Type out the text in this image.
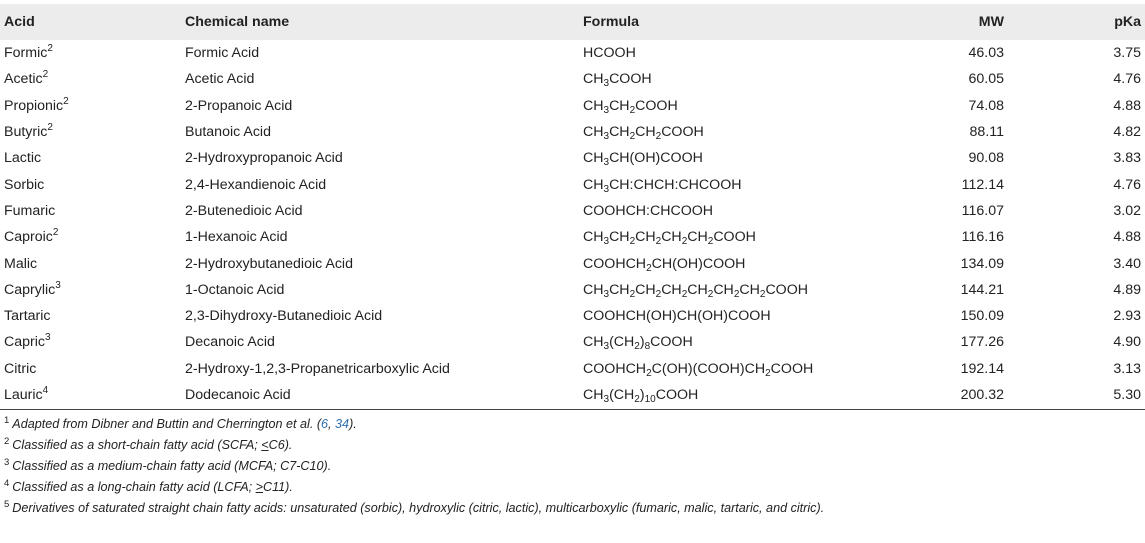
Acid	Chemical name	Formula	MW	pKa
Formic$^2$	Formic Acid	HCOOH	46.03	3.75
Acetic$^2$	Acetic Acid	$CH_3COOH$	60.05	4.76
Propionic$^2$	2-Propanoic Acid	$CH_3CH_2COOH$	74.08	4.88
Butyric$^2$	Butanoic Acid	$CH_3CH_2CH_2COOH$	88.11	4.82
Lactic	2-Hydroxypropanoic Acid	$CH_3CH(OH)COOH$	90.08	3.83
Sorbic	2,4-Hexandienoic Acid	$CH_3CH:CHCH:CHCOOH$	112.14	4.76
Fumaric	2-Butenedioic Acid	COOHCH:CHCOOH	116.07	3.02
Caproic$^2$	1-Hexanoic Acid	$CH_3CH_2CH_2CH_2CH_2COOH$	116.16	4.88
Malic	2-Hydroxybutanedioic Acid	$COOHCH_2CH(OH)COOH$	134.09	3.40
Caprylic$^3$	1-Octanoic Acid	$CH_3CH_2CH_2CH_2CH_2CH_2CH_2COOH$	144.21	4.89
Tartaric	2,3-Dihydroxy-Butanedioic Acid	COOHCH(OH)CH(OH)COOH	150.09	2.93
Capric$^3$	Decanoic Acid	$CH_3(CH_2)_8COOH$	177.26	4.90
Citric	2-Hydroxy-1,2,3-Propanetricarboxylic Acid	$COOHCH_2C(OH)(COOH)CH_2COOH$	192.14	3.13
Lauric$^4$	Dodecanoic Acid	$CH_3(CH_2)_{10}COOH$	200.32	5.30
$^1$ Adapted from Dibner and Buttin and Cherrington et al. (6, 34).
$^2$ Classified as a short-chain fatty acid (SCFA; <C6).
$^3$ Classified as a medium-chain fatty acid (MCFA; C7-C10).
$^4$ Classified as a long-chain fatty acid (LCFA; >C11).
$^5$ Derivatives of saturated straight chain fatty acids: unsaturated (sorbic), hydroxylic (citric, lactic), multicarboxylic (fumaric, malic, tartaric, and citric).
